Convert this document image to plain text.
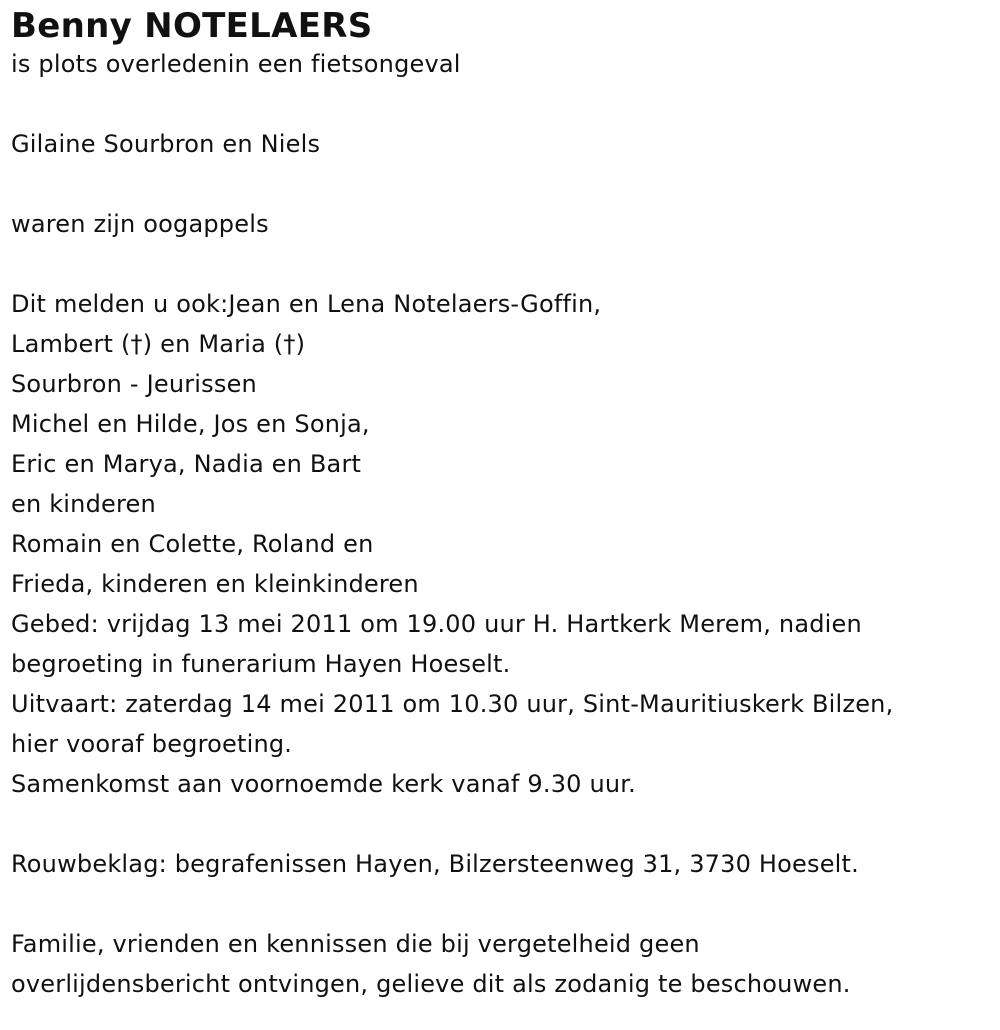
Benny NOTELAERS

is plots overledenin een fietsongeval

Gilaine Sourbron en Niels

waren zijn oogappels

Dit melden u ook:Jean en Lena Notelaers-Goffin,

Lambert (†) en Maria (†)

Sourbron - Jeurissen

Michel en Hilde, Jos en Sonja,

Eric en Marya, Nadia en Bart

en kinderen

Romain en Colette, Roland en

Frieda, kinderen en kleinkinderen

Gebed: vrijdag 13 mei 2011 om 19.00 uur H. Hartkerk Merem, nadien

begroeting in funerarium Hayen Hoeselt.

Uitvaart: zaterdag 14 mei 2011 om 10.30 uur, Sint-Mauritiuskerk Bilzen,

hier vooraf begroeting.

Samenkomst aan voornoemde kerk vanaf 9.30 uur.

Rouwbeklag: begrafenissen Hayen, Bilzersteenweg 31, 3730 Hoeselt.

Familie, vrienden en kennissen die bij vergetelheid geen

overlijdensbericht ontvingen, gelieve dit als zodanig te beschouwen.
